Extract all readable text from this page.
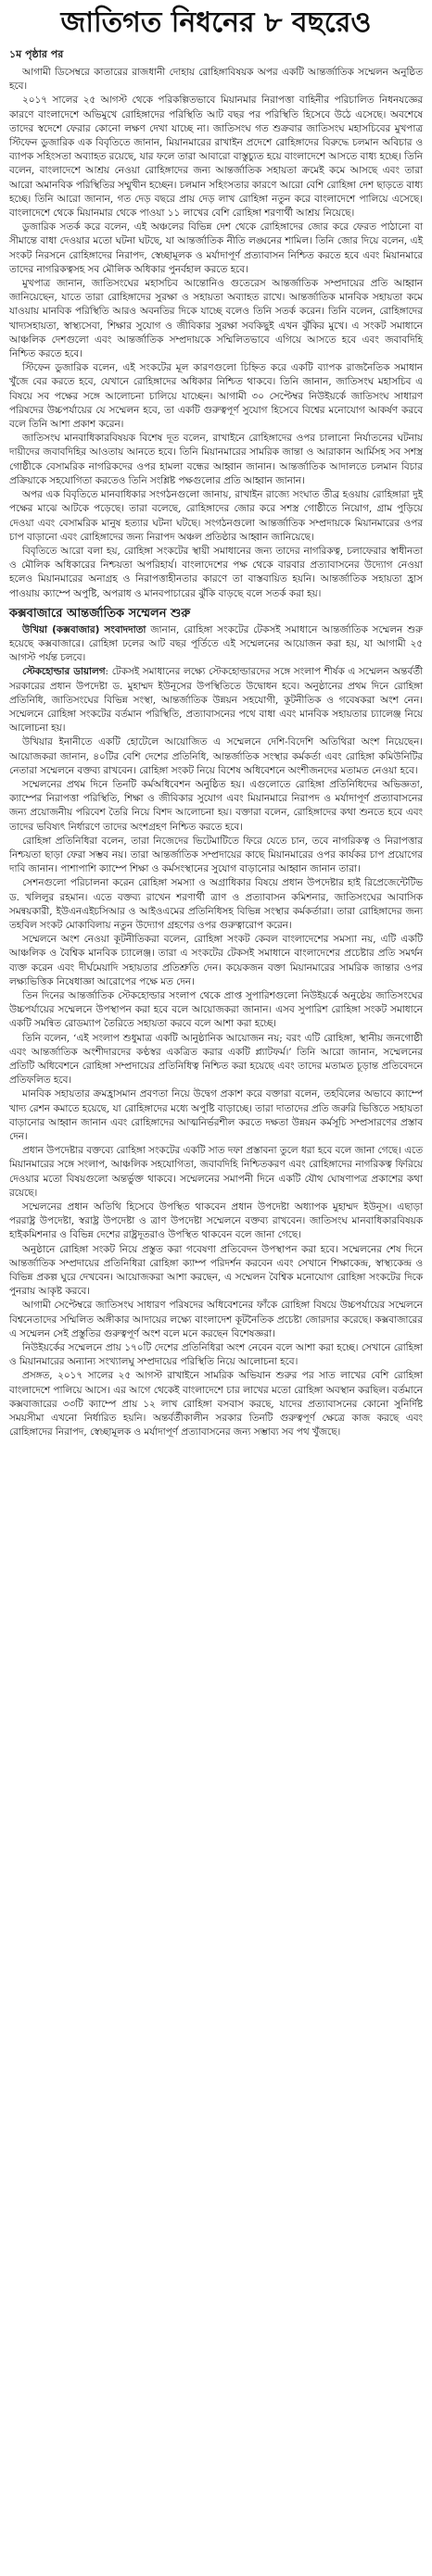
জাতিগত নিধনের ৮ বছরেও
১ম পৃষ্ঠার পর

আগামী ডিসেম্বরে কাতারের রাজধানী দোহায় রোহিঙ্গাবিষয়ক অপর একটি আন্তর্জাতিক সম্মেলন অনুষ্ঠিত হবে।

২০১৭ সালের ২৫ আগস্ট থেকে পরিকল্পিতভাবে মিয়ানমার নিরাপত্তা বাহিনীর পরিচালিত নিধনযজ্ঞের কারণে বাংলাদেশে অভিমুখে রোহিঙ্গাদের পরিস্থিতি আট বছর পর পরিস্থিতি হিসেবে উঠে এসেছে। অবশেষে তাদের স্বদেশে ফেরার কোনো লক্ষণ দেখা যাচ্ছে না। জাতিসংঘ গত শুক্রবার জাতিসংঘ মহাসচিবের মুখপাত্র স্টিফেন ডুজারিক এক বিবৃতিতে জানান, মিয়ানমারের রাখাইন প্রদেশে রোহিঙ্গাদের বিরুদ্ধে চলমান অবিচার ও ব্যাপক সহিংসতা অব্যাহত রয়েছে, যার ফলে তারা আবারো বাস্তুচ্যুত হয়ে বাংলাদেশে আসতে বাধ্য হচ্ছে। তিনি বলেন, বাংলাদেশে আশ্রয় নেওয়া রোহিঙ্গাদের জন্য আন্তর্জাতিক সহায়তা ক্রমেই কমে আসছে এবং তারা আরো অমানবিক পরিস্থিতির সম্মুখীন হচ্ছেন। চলমান সহিংসতার কারণে আরো বেশি রোহিঙ্গা দেশ ছাড়তে বাধ্য হচ্ছে। তিনি আরো জানান, গত দেড় বছরে প্রায় দেড় লাখ রোহিঙ্গা নতুন করে বাংলাদেশে পালিয়ে এসেছে। বাংলাদেশে থেকে মিয়ানমার থেকে পাওয়া ১১ লাখের বেশি রোহিঙ্গা শরণার্থী আশ্রয় নিয়েছে।

ডুজারিক সতর্ক করে বলেন, এই অঞ্চলের বিভিন্ন দেশ থেকে রোহিঙ্গাদের জোর করে ফেরত পাঠানো বা সীমান্তে বাধা দেওয়ার মতো ঘটনা ঘটছে, যা আন্তর্জাতিক নীতি লঙ্ঘনের শামিল। তিনি জোর দিয়ে বলেন, এই সংকট নিরসনে রোহিঙ্গাদের নিরাপদ, স্বেচ্ছামূলক ও মর্যাদাপূর্ণ প্রত্যাবাসন নিশ্চিত করতে হবে এবং মিয়ানমারে তাদের নাগরিকত্বসহ সব মৌলিক অধিকার পুনর্বহাল করতে হবে।

মুখপাত্র জানান, জাতিসংঘের মহাসচিব আন্তোনিও গুতেরেস আন্তর্জাতিক সম্প্রদায়ের প্রতি আহ্বান জানিয়েছেন, যাতে তারা রোহিঙ্গাদের সুরক্ষা ও সহায়তা অব্যাহত রাখে। আন্তর্জাতিক মানবিক সহায়তা কমে যাওয়ায় মানবিক পরিস্থিতি আরও অবনতির দিকে যাচ্ছে বলেও তিনি সতর্ক করেন। তিনি বলেন, রোহিঙ্গাদের খাদ্যসহায়তা, স্বাস্থ্যসেবা, শিক্ষার সুযোগ ও জীবিকার সুরক্ষা সবকিছুই এখন ঝুঁকির মুখে। এ সংকট সমাধানে আঞ্চলিক দেশগুলো এবং আন্তর্জাতিক সম্প্রদায়কে সম্মিলিতভাবে এগিয়ে আসতে হবে এবং জবাবদিহি নিশ্চিত করতে হবে।

স্টিফেন ডুজারিক বলেন, এই সংকটের মূল কারণগুলো চিহ্নিত করে একটি ব্যাপক রাজনৈতিক সমাধান খুঁজে বের করতে হবে, যেখানে রোহিঙ্গাদের অধিকার নিশ্চিত থাকবে। তিনি জানান, জাতিসংঘ মহাসচিব এ বিষয়ে সব পক্ষের সঙ্গে আলোচনা চালিয়ে যাচ্ছেন। আগামী ৩০ সেপ্টেম্বর নিউইয়র্কে জাতিসংঘ সাধারণ পরিষদের উচ্চপর্যায়ের যে সম্মেলন হবে, তা একটি গুরুত্বপূর্ণ সুযোগ হিসেবে বিশ্বের মনোযোগ আকর্ষণ করবে বলে তিনি আশা প্রকাশ করেন।

জাতিসংঘ মানবাধিকারবিষয়ক বিশেষ দূত বলেন, রাখাইনে রোহিঙ্গাদের ওপর চালানো নির্যাতনের ঘটনায় দায়ীদের জবাবদিহির আওতায় আনতে হবে। তিনি মিয়ানমারের সামরিক জান্তা ও আরাকান আর্মিসহ সব সশস্ত্র গোষ্ঠীকে বেসামরিক নাগরিকদের ওপর হামলা বন্ধের আহ্বান জানান। আন্তর্জাতিক আদালতে চলমান বিচার প্রক্রিয়াকে সহযোগিতা করতেও তিনি সংশ্লিষ্ট পক্ষগুলোর প্রতি আহ্বান জানান।

অপর এক বিবৃতিতে মানবাধিকার সংগঠনগুলো জানায়, রাখাইন রাজ্যে সংঘাত তীব্র হওয়ায় রোহিঙ্গারা দুই পক্ষের মাঝে আটকে পড়েছে। তারা বলেছে, রোহিঙ্গাদের জোর করে সশস্ত্র গোষ্ঠীতে নিয়োগ, গ্রাম পুড়িয়ে দেওয়া এবং বেসামরিক মানুষ হত্যার ঘটনা ঘটছে। সংগঠনগুলো আন্তর্জাতিক সম্প্রদায়কে মিয়ানমারের ওপর চাপ বাড়ানো এবং রোহিঙ্গাদের জন্য নিরাপদ অঞ্চল প্রতিষ্ঠার আহ্বান জানিয়েছে।

বিবৃতিতে আরো বলা হয়, রোহিঙ্গা সংকটের স্থায়ী সমাধানের জন্য তাদের নাগরিকত্ব, চলাফেরার স্বাধীনতা ও মৌলিক অধিকারের নিশ্চয়তা অপরিহার্য। বাংলাদেশের পক্ষ থেকে বারবার প্রত্যাবাসনের উদ্যোগ নেওয়া হলেও মিয়ানমারের অনাগ্রহ ও নিরাপত্তাহীনতার কারণে তা বাস্তবায়িত হয়নি। আন্তর্জাতিক সহায়তা হ্রাস পাওয়ায় ক্যাম্পে অপুষ্টি, অপরাধ ও মানবপাচারের ঝুঁকি বাড়ছে বলে সতর্ক করা হয়।

কক্সবাজারে আন্তর্জাতিক সম্মেলন শুরু

উখিয়া (কক্সবাজার) সংবাদদাতা জানান, রোহিঙ্গা সংকটের টেকসই সমাধানে আন্তর্জাতিক সম্মেলন শুরু হয়েছে কক্সবাজারে। রোহিঙ্গা ঢলের আট বছর পূর্তিতে এই সম্মেলনের আয়োজন করা হয়, যা আগামী ২৫ আগস্ট পর্যন্ত চলবে।

স্টেকহোল্ডার ডায়ালগ: টেকসই সমাধানের লক্ষ্যে স্টেকহোল্ডারদের সঙ্গে সংলাপ শীর্ষক এ সম্মেলন অন্তর্বর্তী সরকারের প্রধান উপদেষ্টা ড. মুহাম্মদ ইউনূসের উপস্থিতিতে উদ্বোধন হবে। অনুষ্ঠানের প্রথম দিনে রোহিঙ্গা প্রতিনিধি, জাতিসংঘের বিভিন্ন সংস্থা, আন্তর্জাতিক উন্নয়ন সহযোগী, কূটনীতিক ও গবেষকরা অংশ নেন। সম্মেলনে রোহিঙ্গা সংকটের বর্তমান পরিস্থিতি, প্রত্যাবাসনের পথে বাধা এবং মানবিক সহায়তার চ্যালেঞ্জ নিয়ে আলোচনা হয়।

উখিয়ার ইনানীতে একটি হোটেলে আয়োজিত এ সম্মেলনে দেশি-বিদেশি অতিথিরা অংশ নিয়েছেন। আয়োজকরা জানান, ৪০টির বেশি দেশের প্রতিনিধি, আন্তর্জাতিক সংস্থার কর্মকর্তা এবং রোহিঙ্গা কমিউনিটির নেতারা সম্মেলনে বক্তব্য রাখবেন। রোহিঙ্গা সংকট নিয়ে বিশেষ অধিবেশনে অংশীজনদের মতামত নেওয়া হবে।

সম্মেলনের প্রথম দিনে তিনটি কর্মঅধিবেশন অনুষ্ঠিত হয়। এগুলোতে রোহিঙ্গা প্রতিনিধিদের অভিজ্ঞতা, ক্যাম্পের নিরাপত্তা পরিস্থিতি, শিক্ষা ও জীবিকার সুযোগ এবং মিয়ানমারে নিরাপদ ও মর্যাদাপূর্ণ প্রত্যাবাসনের জন্য প্রয়োজনীয় পরিবেশ তৈরি নিয়ে বিশদ আলোচনা হয়। বক্তারা বলেন, রোহিঙ্গাদের কথা শুনতে হবে এবং তাদের ভবিষ্যৎ নির্ধারণে তাদের অংশগ্রহণ নিশ্চিত করতে হবে।

রোহিঙ্গা প্রতিনিধিরা বলেন, তারা নিজেদের ভিটেমাটিতে ফিরে যেতে চান, তবে নাগরিকত্ব ও নিরাপত্তার নিশ্চয়তা ছাড়া ফেরা সম্ভব নয়। তারা আন্তর্জাতিক সম্প্রদায়ের কাছে মিয়ানমারের ওপর কার্যকর চাপ প্রয়োগের দাবি জানান। পাশাপাশি ক্যাম্পে শিক্ষা ও কর্মসংস্থানের সুযোগ বাড়ানোর আহ্বান জানান তারা।

সেশনগুলো পরিচালনা করেন রোহিঙ্গা সমস্যা ও অগ্রাধিকার বিষয়ে প্রধান উপদেষ্টার হাই রিপ্রেজেন্টেটিভ ড. খলিলুর রহমান। এতে বক্তব্য রাখেন শরণার্থী ত্রাণ ও প্রত্যাবাসন কমিশনার, জাতিসংঘের আবাসিক সমন্বয়কারী, ইউএনএইচসিআর ও আইওএমের প্রতিনিধিসহ বিভিন্ন সংস্থার কর্মকর্তারা। তারা রোহিঙ্গাদের জন্য তহবিল সংকট মোকাবিলায় নতুন উদ্যোগ গ্রহণের ওপর গুরুত্বারোপ করেন।

সম্মেলনে অংশ নেওয়া কূটনীতিকরা বলেন, রোহিঙ্গা সংকট কেবল বাংলাদেশের সমস্যা নয়, এটি একটি আঞ্চলিক ও বৈশ্বিক মানবিক চ্যালেঞ্জ। তারা এ সংকটের টেকসই সমাধানে বাংলাদেশের প্রচেষ্টার প্রতি সমর্থন ব্যক্ত করেন এবং দীর্ঘমেয়াদি সহায়তার প্রতিশ্রুতি দেন। কয়েকজন বক্তা মিয়ানমারের সামরিক জান্তার ওপর লক্ষ্যভিত্তিক নিষেধাজ্ঞা আরোপের পক্ষে মত দেন।

তিন দিনের আন্তর্জাতিক স্টেকহোল্ডার সংলাপ থেকে প্রাপ্ত সুপারিশগুলো নিউইয়র্কে অনুষ্ঠেয় জাতিসংঘের উচ্চপর্যায়ের সম্মেলনে উপস্থাপন করা হবে বলে আয়োজকরা জানান। এসব সুপারিশ রোহিঙ্গা সংকট সমাধানে একটি সমন্বিত রোডম্যাপ তৈরিতে সহায়তা করবে বলে আশা করা হচ্ছে।

তিনি বলেন, ‘এই সংলাপ শুধুমাত্র একটি আনুষ্ঠানিক আয়োজন নয়; বরং এটি রোহিঙ্গা, স্থানীয় জনগোষ্ঠী এবং আন্তর্জাতিক অংশীদারদের কণ্ঠস্বর একত্রিত করার একটি প্ল্যাটফর্ম।’ তিনি আরো জানান, সম্মেলনের প্রতিটি অধিবেশনে রোহিঙ্গা সম্প্রদায়ের প্রতিনিধিত্ব নিশ্চিত করা হয়েছে এবং তাদের মতামত চূড়ান্ত প্রতিবেদনে প্রতিফলিত হবে।

মানবিক সহায়তার ক্রমহ্রাসমান প্রবণতা নিয়ে উদ্বেগ প্রকাশ করে বক্তারা বলেন, তহবিলের অভাবে ক্যাম্পে খাদ্য রেশন কমাতে হয়েছে, যা রোহিঙ্গাদের মধ্যে অপুষ্টি বাড়াচ্ছে। তারা দাতাদের প্রতি জরুরি ভিত্তিতে সহায়তা বাড়ানোর আহ্বান জানান এবং রোহিঙ্গাদের আত্মনির্ভরশীল করতে দক্ষতা উন্নয়ন কর্মসূচি সম্প্রসারণের প্রস্তাব দেন।

প্রধান উপদেষ্টার বক্তব্যে রোহিঙ্গা সংকটের একটি সাত দফা প্রস্তাবনা তুলে ধরা হবে বলে জানা গেছে। এতে মিয়ানমারের সঙ্গে সংলাপ, আঞ্চলিক সহযোগিতা, জবাবদিহি নিশ্চিতকরণ এবং রোহিঙ্গাদের নাগরিকত্ব ফিরিয়ে দেওয়ার মতো বিষয়গুলো অন্তর্ভুক্ত থাকবে। সম্মেলনের সমাপনী দিনে একটি যৌথ ঘোষণাপত্র প্রকাশের কথা রয়েছে।

সম্মেলনের প্রধান অতিথি হিসেবে উপস্থিত থাকবেন প্রধান উপদেষ্টা অধ্যাপক মুহাম্মদ ইউনূস। এছাড়া পররাষ্ট্র উপদেষ্টা, স্বরাষ্ট্র উপদেষ্টা ও ত্রাণ উপদেষ্টা সম্মেলনে বক্তব্য রাখবেন। জাতিসংঘ মানবাধিকারবিষয়ক হাইকমিশনার ও বিভিন্ন দেশের রাষ্ট্রদূতরাও উপস্থিত থাকবেন বলে জানা গেছে।

অনুষ্ঠানে রোহিঙ্গা সংকট নিয়ে প্রস্তুত করা গবেষণা প্রতিবেদন উপস্থাপন করা হবে। সম্মেলনের শেষ দিনে আন্তর্জাতিক সম্প্রদায়ের প্রতিনিধিরা রোহিঙ্গা ক্যাম্প পরিদর্শন করবেন এবং সেখানে শিক্ষাকেন্দ্র, স্বাস্থ্যকেন্দ্র ও বিভিন্ন প্রকল্প ঘুরে দেখবেন। আয়োজকরা আশা করছেন, এ সম্মেলন বৈশ্বিক মনোযোগ রোহিঙ্গা সংকটের দিকে পুনরায় আকৃষ্ট করবে।

আগামী সেপ্টেম্বরে জাতিসংঘ সাধারণ পরিষদের অধিবেশনের ফাঁকে রোহিঙ্গা বিষয়ে উচ্চপর্যায়ের সম্মেলনে বিশ্বনেতাদের সম্মিলিত অঙ্গীকার আদায়ের লক্ষ্যে বাংলাদেশ কূটনৈতিক প্রচেষ্টা জোরদার করেছে। কক্সবাজারের এ সম্মেলন সেই প্রস্তুতির গুরুত্বপূর্ণ অংশ বলে মনে করছেন বিশেষজ্ঞরা।

নিউইয়র্কের সম্মেলনে প্রায় ১৭০টি দেশের প্রতিনিধিরা অংশ নেবেন বলে আশা করা হচ্ছে। সেখানে রোহিঙ্গা ও মিয়ানমারের অন্যান্য সংখ্যালঘু সম্প্রদায়ের পরিস্থিতি নিয়ে আলোচনা হবে।

প্রসঙ্গত, ২০১৭ সালের ২৫ আগস্ট রাখাইনে সামরিক অভিযান শুরুর পর সাত লাখের বেশি রোহিঙ্গা বাংলাদেশে পালিয়ে আসে। এর আগে থেকেই বাংলাদেশে চার লাখের মতো রোহিঙ্গা অবস্থান করছিল। বর্তমানে কক্সবাজারের ৩৩টি ক্যাম্পে প্রায় ১২ লাখ রোহিঙ্গা বসবাস করছে, যাদের প্রত্যাবাসনের কোনো সুনির্দিষ্ট সময়সীমা এখনো নির্ধারিত হয়নি। অন্তর্বর্তীকালীন সরকার তিনটি গুরুত্বপূর্ণ ক্ষেত্রে কাজ করছে এবং রোহিঙ্গাদের নিরাপদ, স্বেচ্ছামূলক ও মর্যাদাপূর্ণ প্রত্যাবাসনের জন্য সম্ভাব্য সব পথ খুঁজছে।
